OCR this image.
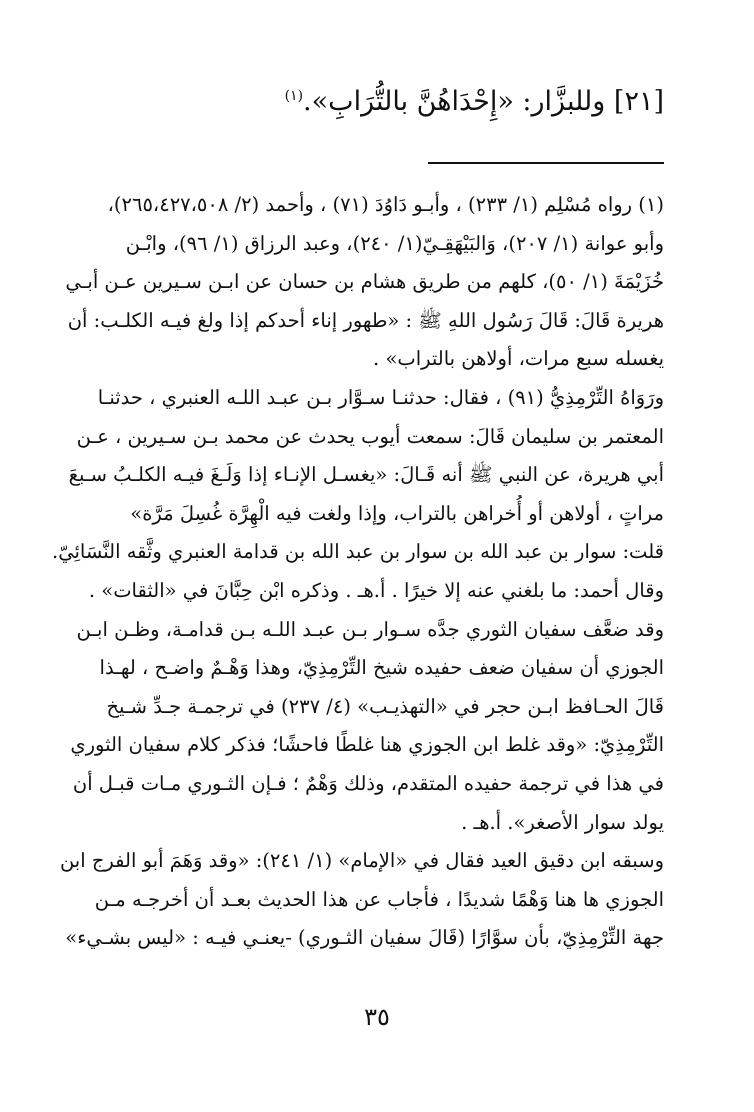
[٢١] وللبزَّار: «إِحْدَاهُنَّ بالتُّرَابِ».$^{(١)}$
(١) رواه مُسْلِم (١/ ٢٣٣) ، وأبـو دَاوُدَ (٧١) ، وأحمد (٢/ ٢٦٥،٤٢٧،٥٠٨)،
وأبو عوانة (١/ ٢٠٧)، وَالبَيْهَقِـيّ(١/ ٢٤٠)، وعبد الرزاق (١/ ٩٦)، وابْـن
خُزَيْمَةَ (١/ ٥٠)، كلهم من طريق هشام بن حسان عن ابـن سـيرين عـن أبـي
هريرة قَالَ: قَالَ رَسُول اللهِ ﷺ : «طهور إناء أحدكم إذا ولغ فيـه الكلـب: أن
يغسله سبع مرات، أولاهن بالتراب» .
ورَوَاهُ التِّرْمِذِيُّ (٩١) ، فقال: حدثنـا سـوَّار بـن عبـد اللـه العنبري ، حدثنـا
المعتمر بن سليمان قَالَ: سمعت أيوب يحدث عن محمد بـن سـيرين ، عـن
أبي هريرة، عن النبي ﷺ أنه قَـالَ: «يغسـل الإنـاء إذا وَلَـغَ فيـه الكلـبُ سـبعَ
مراتٍ ، أولاهن أو أُخراهن بالتراب، وإذا ولغت فيه الْهِرَّة غُسِلَ مَرَّة»
قلت: سوار بن عبد الله بن سوار بن عبد الله بن قدامة العنبري وثَّقه النَّسَائِيّ.
وقال أحمد: ما بلغني عنه إلا خيرًا . أ.هـ . وذكره ابْن حِبَّانَ في «الثقات» .
وقد ضعَّف سفيان الثوري جدَّه سـوار بـن عبـد اللـه بـن قدامـة، وظـن ابـن
الجوزي أن سفيان ضعف حفيده شيخ التِّرْمِذِيّ، وهذا وَهْـمٌ واضـح ، لهـذا
قَالَ الحـافظ ابـن حجر في «التهذيـب» (٤/ ٢٣٧) في ترجمـة جـدِّ شـيخ
التِّرْمِذِيّ: «وقد غلط ابن الجوزي هنا غلطًا فاحشًا؛ فذكر كلام سفيان الثوري
في هذا في ترجمة حفيده المتقدم، وذلك وَهْمٌ ؛ فـإن الثـوري مـات قبـل أن
يولد سوار الأصغر». أ.هـ .
وسبقه ابن دقيق العيد فقال في «الإمام» (١/ ٢٤١): «وقد وَهَمَ أبو الفرج ابن
الجوزي ها هنا وَهْمًا شديدًا ، فأجاب عن هذا الحديث بعـد أن أخرجـه مـن
جهة التِّرْمِذِيّ، بأن سوَّارًا (قَالَ سفيان الثـوري) -يعنـي فيـه : «ليس بشـيء»
٣٥
